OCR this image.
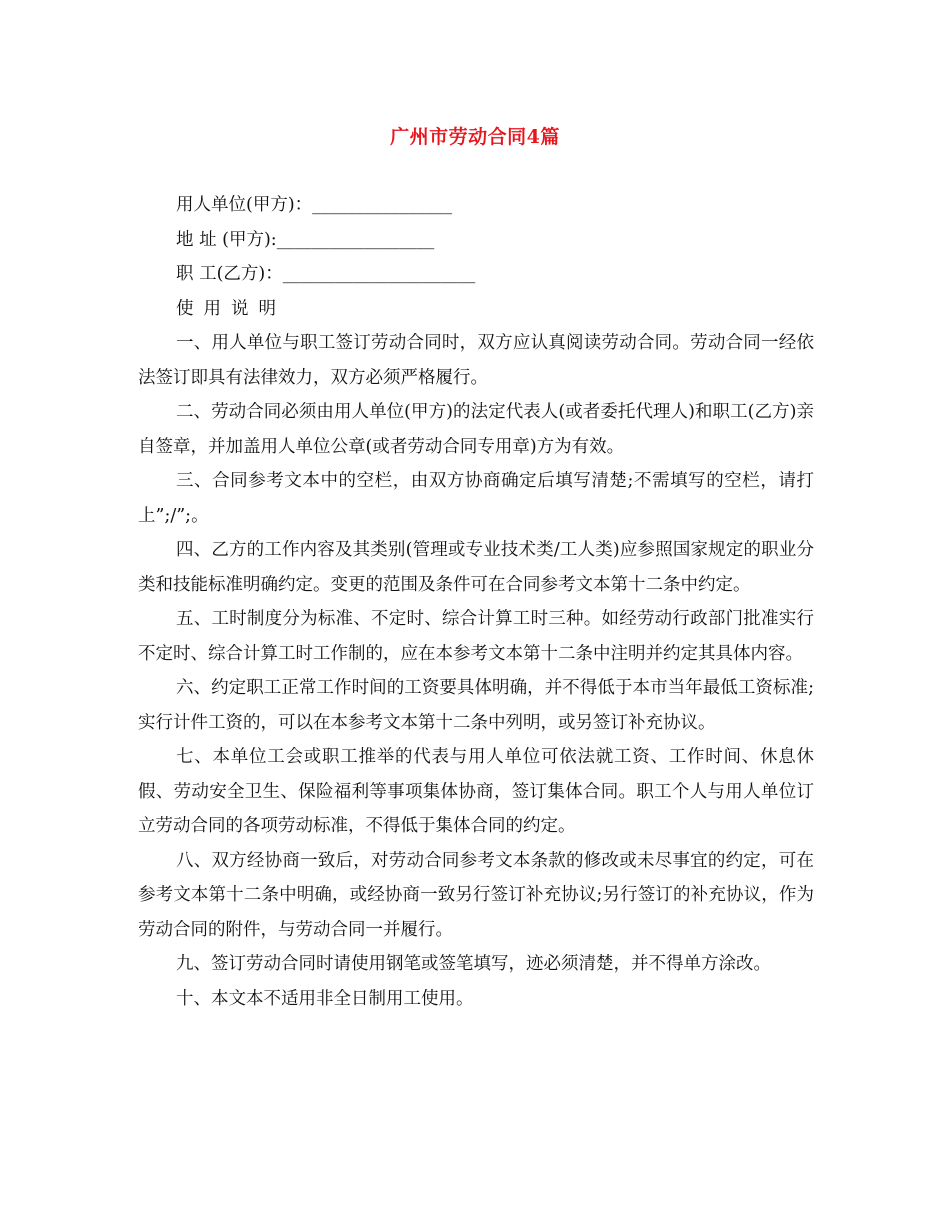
广州市劳动合同4篇
用人单位(甲方)：________________
地 址 (甲方):__________________
职 工(乙方)：______________________
使用说明

一、用人单位与职工签订劳动合同时，双方应认真阅读劳动合同。劳动合同一经依法签订即具有法律效力，双方必须严格履行。

二、劳动合同必须由用人单位(甲方)的法定代表人(或者委托代理人)和职工(乙方)亲自签章，并加盖用人单位公章(或者劳动合同专用章)方为有效。

三、合同参考文本中的空栏，由双方协商确定后填写清楚;不需填写的空栏，请打上”;/”;。

四、乙方的工作内容及其类别(管理或专业技术类/工人类)应参照国家规定的职业分类和技能标准明确约定。变更的范围及条件可在合同参考文本第十二条中约定。

五、工时制度分为标准、不定时、综合计算工时三种。如经劳动行政部门批准实行不定时、综合计算工时工作制的，应在本参考文本第十二条中注明并约定其具体内容。

六、约定职工正常工作时间的工资要具体明确，并不得低于本市当年最低工资标准;实行计件工资的，可以在本参考文本第十二条中列明，或另签订补充协议。

七、本单位工会或职工推举的代表与用人单位可依法就工资、工作时间、休息休假、劳动安全卫生、保险福利等事项集体协商，签订集体合同。职工个人与用人单位订立劳动合同的各项劳动标准，不得低于集体合同的约定。

八、双方经协商一致后，对劳动合同参考文本条款的修改或未尽事宜的约定，可在参考文本第十二条中明确，或经协商一致另行签订补充协议;另行签订的补充协议，作为劳动合同的附件，与劳动合同一并履行。

九、签订劳动合同时请使用钢笔或签笔填写，迹必须清楚，并不得单方涂改。

十、本文本不适用非全日制用工使用。
